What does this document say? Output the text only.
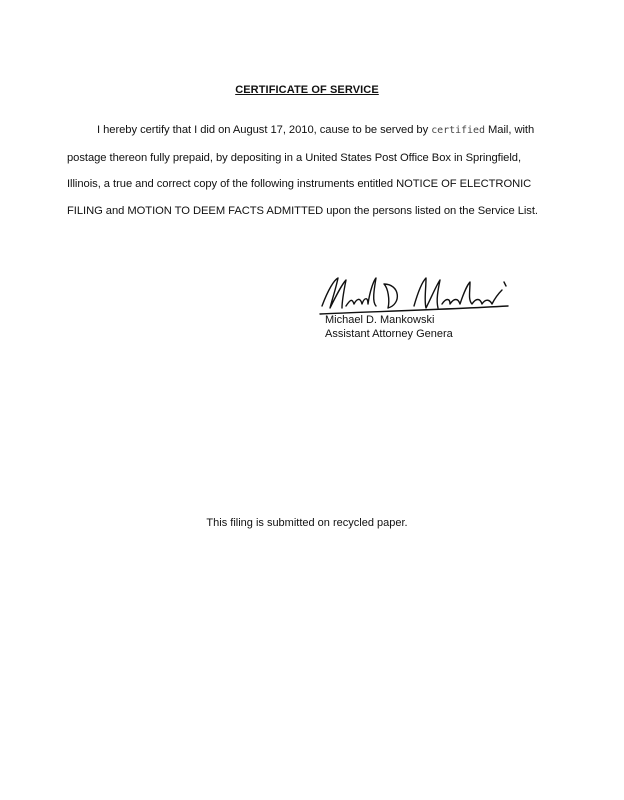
CERTIFICATE OF SERVICE
I hereby certify that I did on August 17, 2010, cause to be served by certified Mail, with postage thereon fully prepaid, by depositing in a United States Post Office Box in Springfield, Illinois, a true and correct copy of the following instruments entitled NOTICE OF ELECTRONIC FILING and MOTION TO DEEM FACTS ADMITTED upon the persons listed on the Service List.
Michael D. Mankowski
Assistant Attorney Genera
This filing is submitted on recycled paper.
